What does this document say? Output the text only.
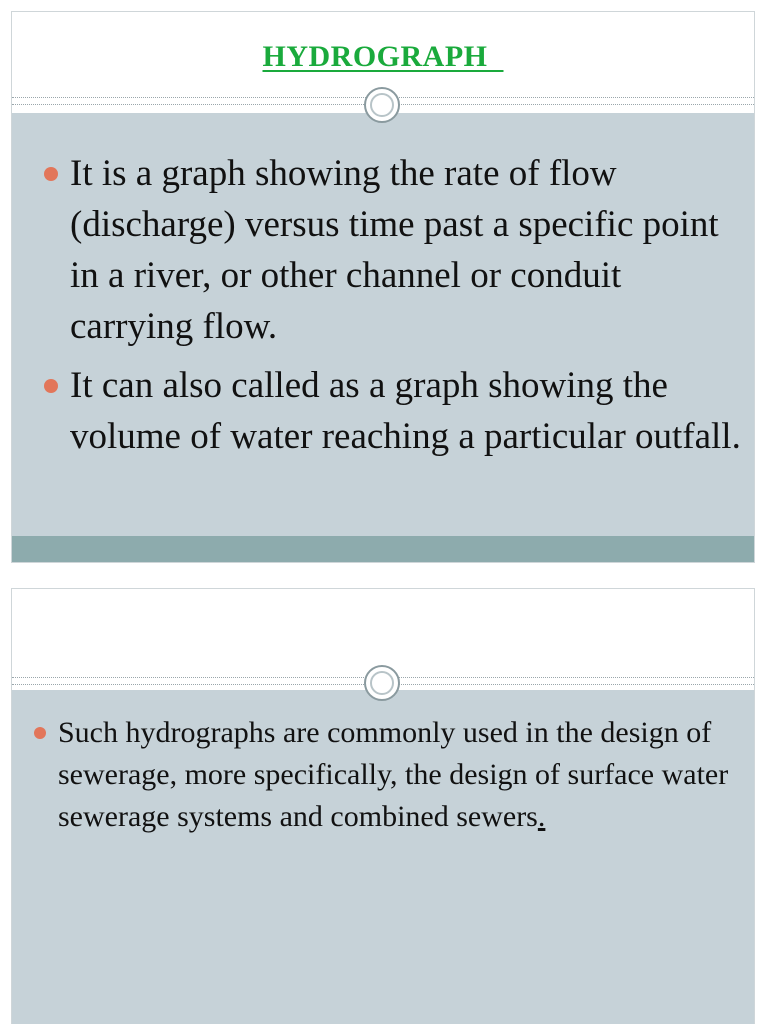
HYDROGRAPH
It is a graph showing the rate of flow (discharge) versus time past a specific point in a river, or other channel or conduit carrying flow.
It can also called as a graph showing the volume of water reaching a particular outfall.
Such hydrographs are commonly used in the design of sewerage, more specifically, the design of surface water sewerage systems and combined sewers.
